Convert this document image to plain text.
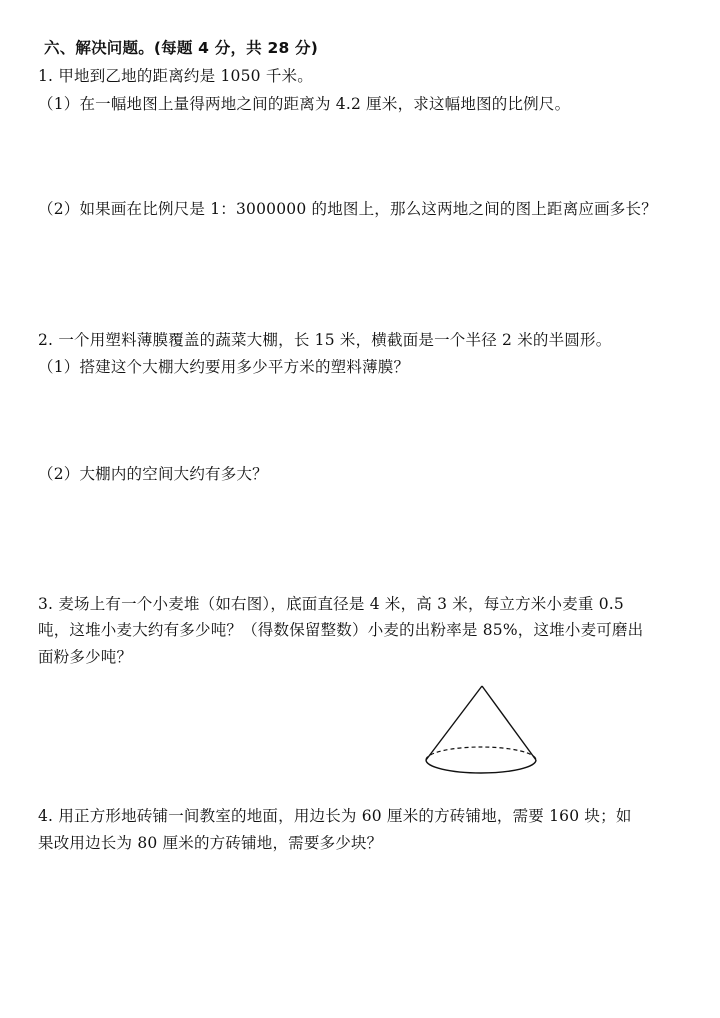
六、解决问题。(每题 4 分，共 28 分)
1. 甲地到乙地的距离约是 1050 千米。
（1）在一幅地图上量得两地之间的距离为 4.2 厘米，求这幅地图的比例尺。
（2）如果画在比例尺是 1：3000000 的地图上，那么这两地之间的图上距离应画多长？
2. 一个用塑料薄膜覆盖的蔬菜大棚，长 15 米，横截面是一个半径 2 米的半圆形。
（1）搭建这个大棚大约要用多少平方米的塑料薄膜？
（2）大棚内的空间大约有多大？
3. 麦场上有一个小麦堆（如右图），底面直径是 4 米，高 3 米，每立方米小麦重 0.5
吨，这堆小麦大约有多少吨？（得数保留整数）小麦的出粉率是 85%，这堆小麦可磨出
面粉多少吨？
4. 用正方形地砖铺一间教室的地面，用边长为 60 厘米的方砖铺地，需要 160 块；如
果改用边长为 80 厘米的方砖铺地，需要多少块？
